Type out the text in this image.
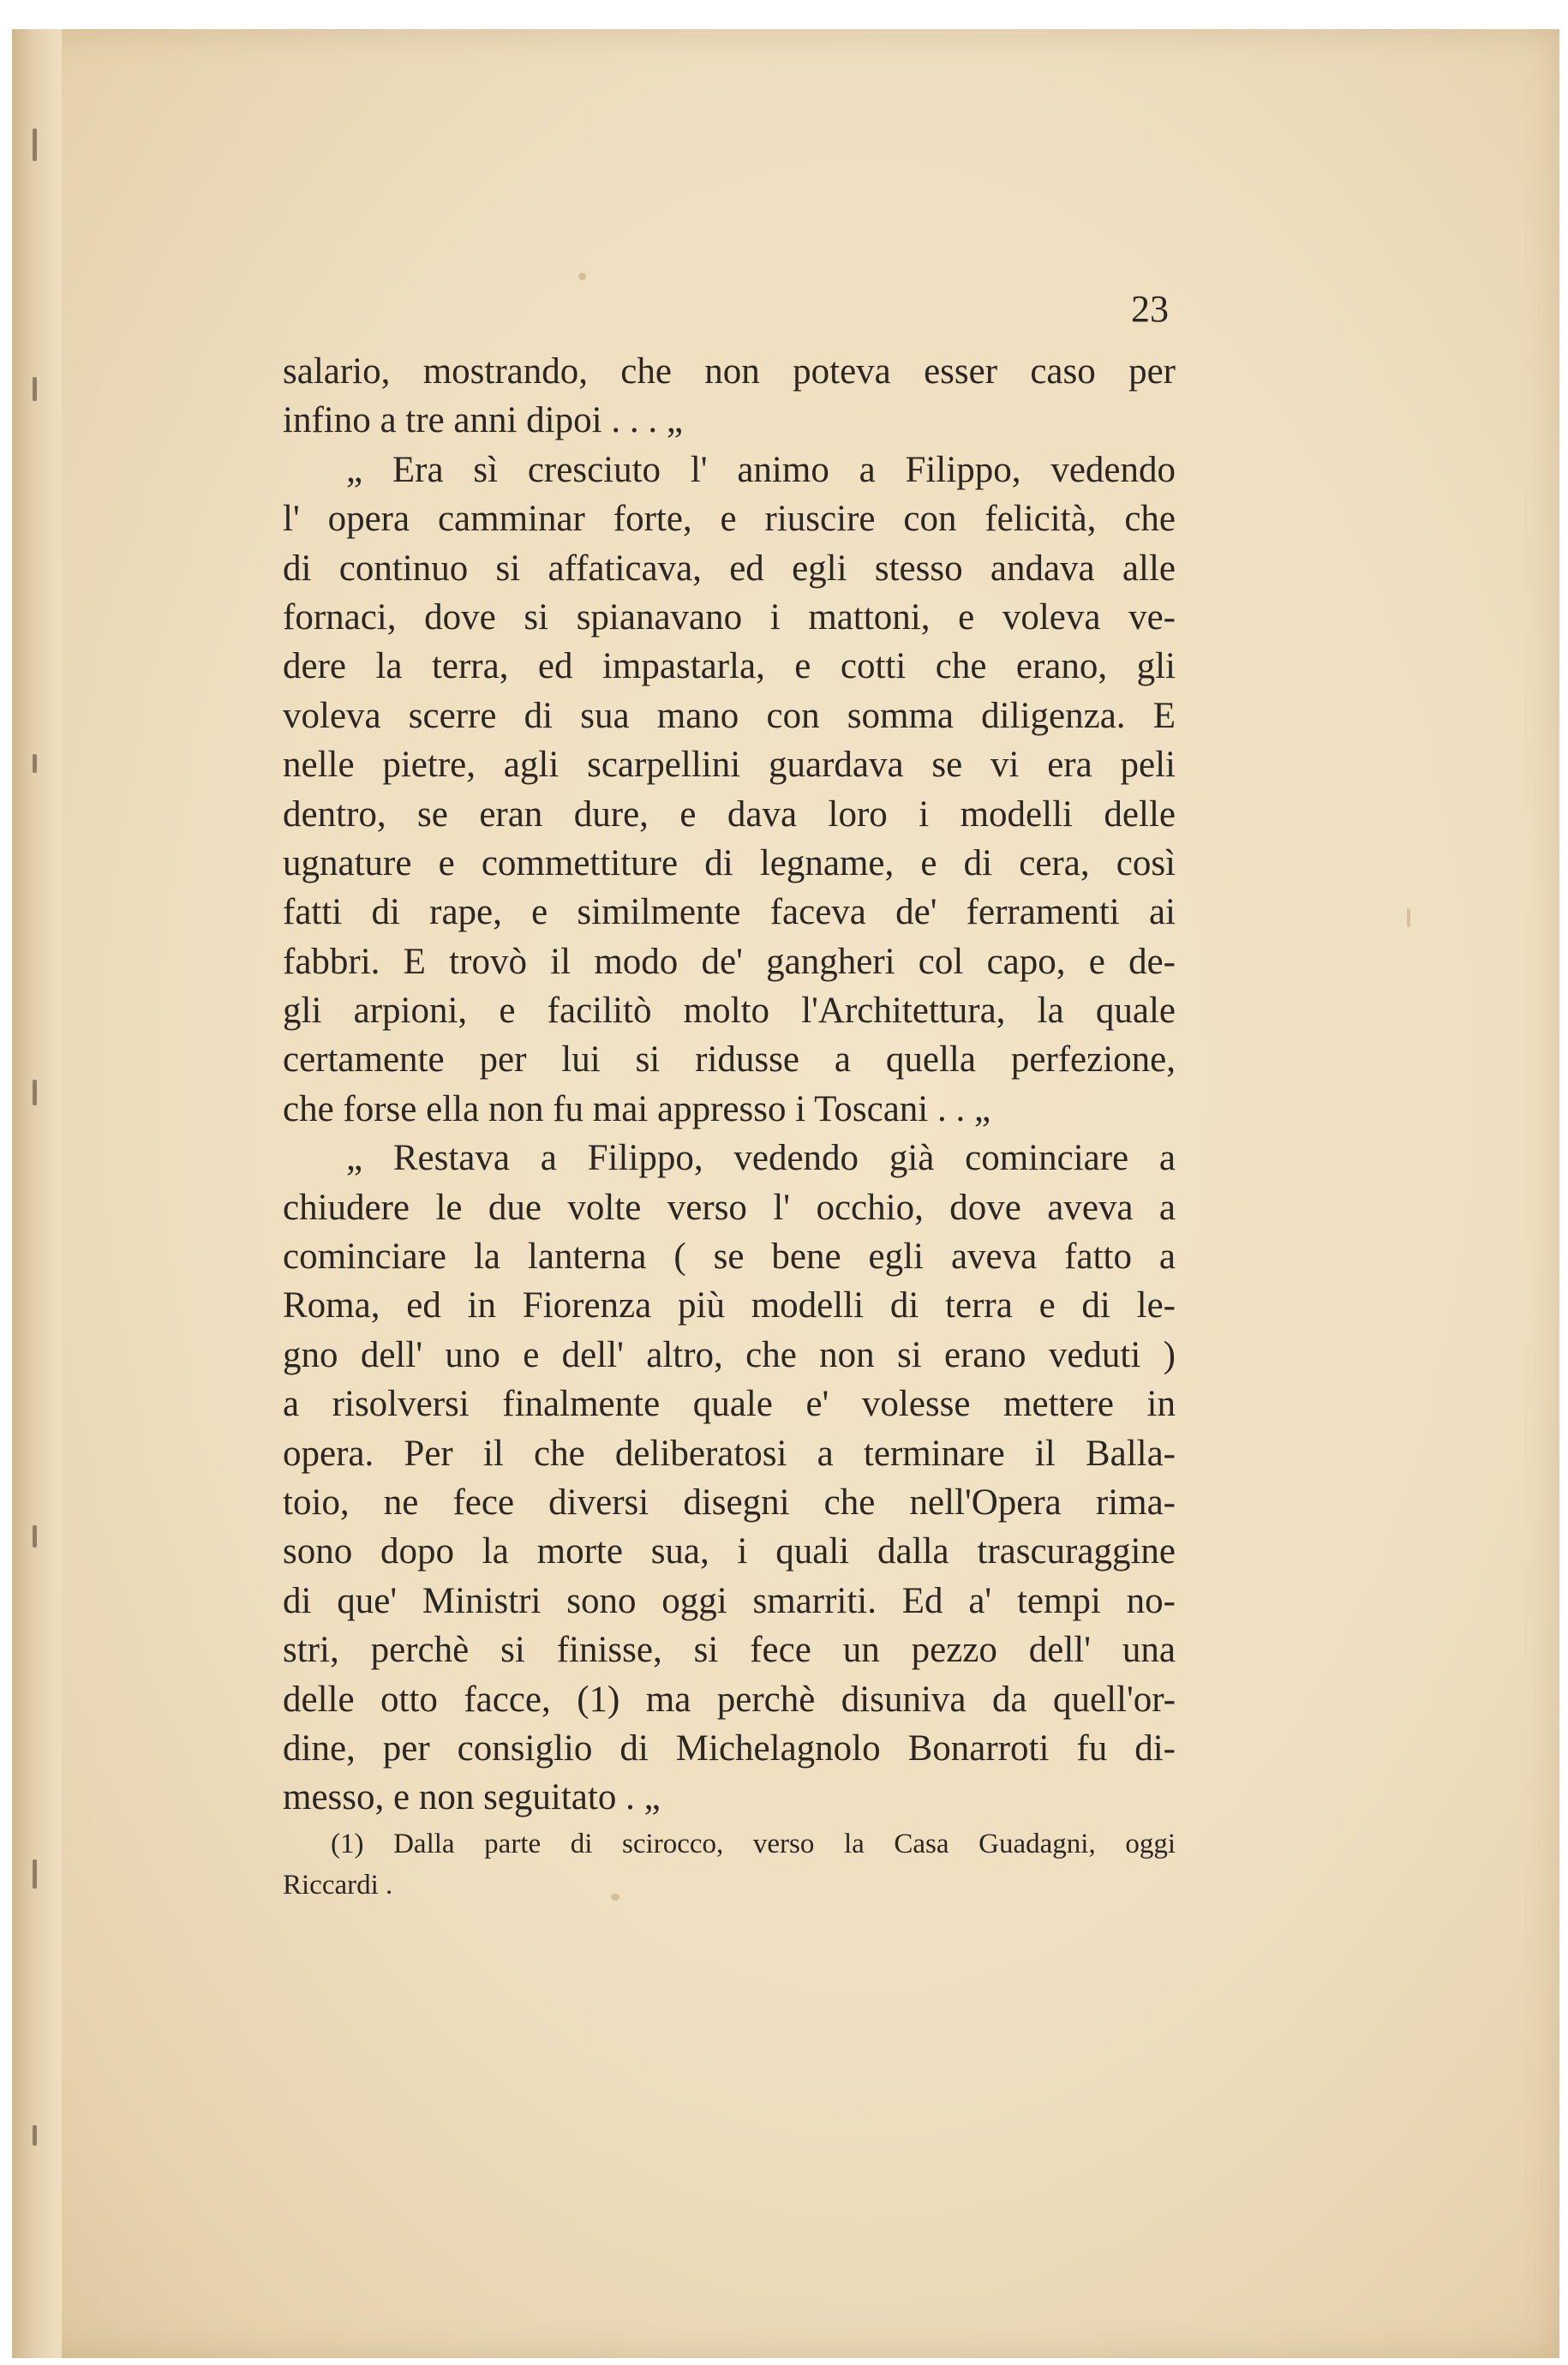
23
salario, mostrando, che non poteva esser caso per
infino a tre anni dipoi . . . „
„ Era sì cresciuto l' animo a Filippo, vedendo
l' opera camminar forte, e riuscire con felicità, che
di continuo si affaticava, ed egli stesso andava alle
fornaci, dove si spianavano i mattoni, e voleva ve-
dere la terra, ed impastarla, e cotti che erano, gli
voleva scerre di sua mano con somma diligenza. E
nelle pietre, agli scarpellini guardava se vi era peli
dentro, se eran dure, e dava loro i modelli delle
ugnature e commettiture di legname, e di cera, così
fatti di rape, e similmente faceva de' ferramenti ai
fabbri. E trovò il modo de' gangheri col capo, e de-
gli arpioni, e facilitò molto l'Architettura, la quale
certamente per lui si ridusse a quella perfezione,
che forse ella non fu mai appresso i Toscani . . „
„ Restava a Filippo, vedendo già cominciare a
chiudere le due volte verso l' occhio, dove aveva a
cominciare la lanterna ( se bene egli aveva fatto a
Roma, ed in Fiorenza più modelli di terra e di le-
gno dell' uno e dell' altro, che non si erano veduti )
a risolversi finalmente quale e' volesse mettere in
opera. Per il che deliberatosi a terminare il Balla-
toio, ne fece diversi disegni che nell'Opera rima-
sono dopo la morte sua, i quali dalla trascuraggine
di que' Ministri sono oggi smarriti. Ed a' tempi no-
stri, perchè si finisse, si fece un pezzo dell' una
delle otto facce, (1) ma perchè disuniva da quell'or-
dine, per consiglio di Michelagnolo Bonarroti fu di-
messo, e non seguitato . „
(1) Dalla parte di scirocco, verso la Casa Guadagni, oggi
Riccardi .
